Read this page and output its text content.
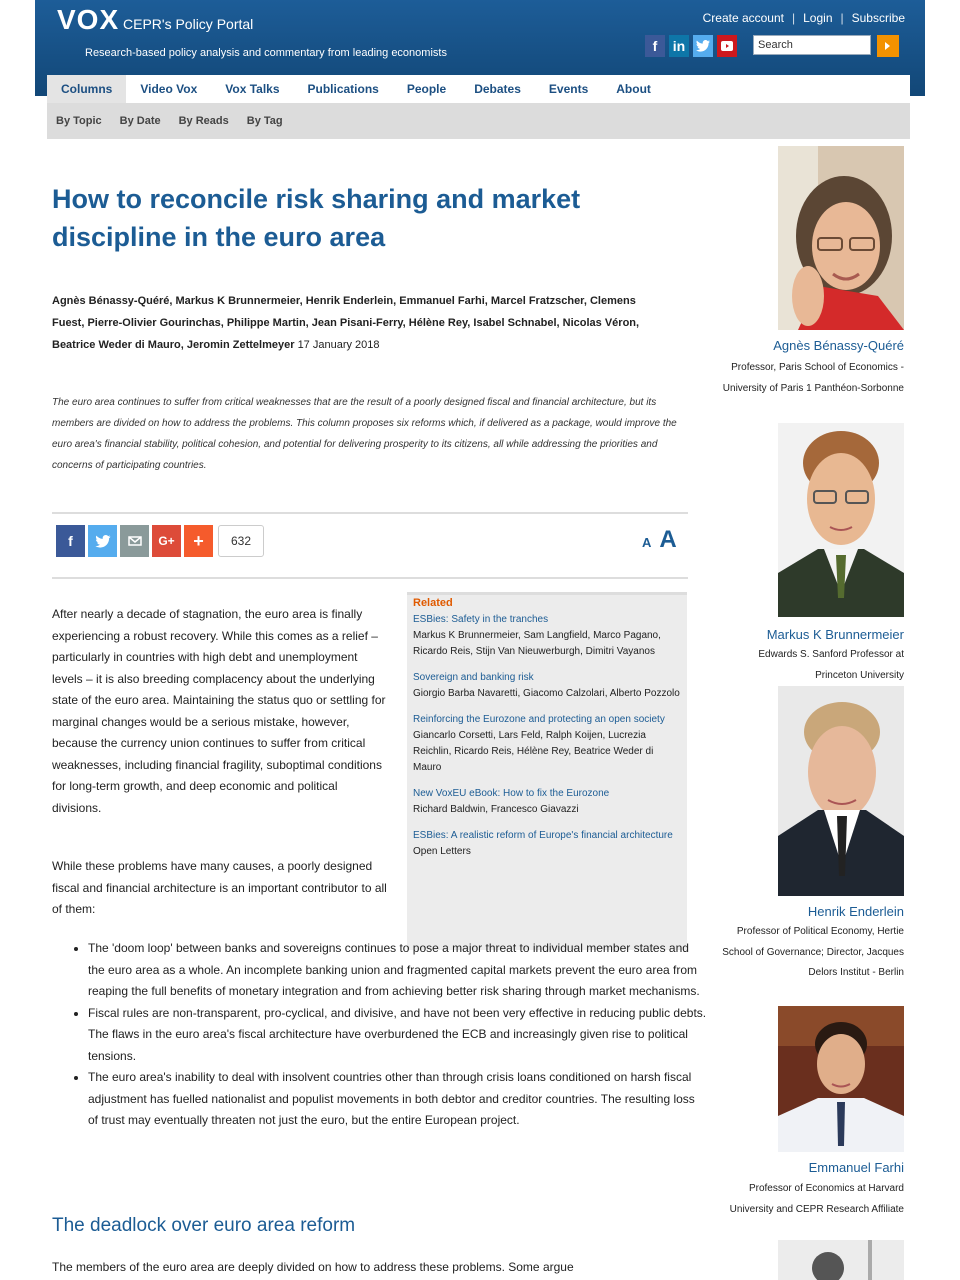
VOX CEPR's Policy Portal
Research-based policy analysis and commentary from leading economists
Create account | Login | Subscribe
f	in	Search
Columns	Video Vox	Vox Talks	Publications	People	Debates	Events	About
By Topic	By Date	By Reads	By Tag
How to reconcile risk sharing and market discipline in the euro area
Agnès Bénassy-Quéré, Markus K Brunnermeier, Henrik Enderlein, Emmanuel Farhi, Marcel Fratzscher, Clemens Fuest, Pierre-Olivier Gourinchas, Philippe Martin, Jean Pisani-Ferry, Hélène Rey, Isabel Schnabel, Nicolas Véron, Beatrice Weder di Mauro, Jeromin Zettelmeyer 17 January 2018
The euro area continues to suffer from critical weaknesses that are the result of a poorly designed fiscal and financial architecture, but its members are divided on how to address the problems. This column proposes six reforms which, if delivered as a package, would improve the euro area's financial stability, political cohesion, and potential for delivering prosperity to its citizens, all while addressing the priorities and concerns of participating countries.
f	G+	+	632	A A
After nearly a decade of stagnation, the euro area is finally experiencing a robust recovery. While this comes as a relief – particularly in countries with high debt and unemployment levels – it is also breeding complacency about the underlying state of the euro area. Maintaining the status quo or settling for marginal changes would be a serious mistake, however, because the currency union continues to suffer from critical weaknesses, including financial fragility, suboptimal conditions for long-term growth, and deep economic and political divisions.
While these problems have many causes, a poorly designed fiscal and financial architecture is an important contributor to all of them:
Related
ESBies: Safety in the tranches
Markus K Brunnermeier, Sam Langfield, Marco Pagano, Ricardo Reis, Stijn Van Nieuwerburgh, Dimitri Vayanos
Sovereign and banking risk
Giorgio Barba Navaretti, Giacomo Calzolari, Alberto Pozzolo
Reinforcing the Eurozone and protecting an open society
Giancarlo Corsetti, Lars Feld, Ralph Koijen, Lucrezia Reichlin, Ricardo Reis, Hélène Rey, Beatrice Weder di Mauro
New VoxEU eBook: How to fix the Eurozone
Richard Baldwin, Francesco Giavazzi
ESBies: A realistic reform of Europe's financial architecture
Open Letters
• The 'doom loop' between banks and sovereigns continues to pose a major threat to individual member states and the euro area as a whole. An incomplete banking union and fragmented capital markets prevent the euro area from reaping the full benefits of monetary integration and from achieving better risk sharing through market mechanisms.
• Fiscal rules are non-transparent, pro-cyclical, and divisive, and have not been very effective in reducing public debts. The flaws in the euro area's fiscal architecture have overburdened the ECB and increasingly given rise to political tensions.
• The euro area's inability to deal with insolvent countries other than through crisis loans conditioned on harsh fiscal adjustment has fuelled nationalist and populist movements in both debtor and creditor countries. The resulting loss of trust may eventually threaten not just the euro, but the entire European project.
The deadlock over euro area reform
The members of the euro area are deeply divided on how to address these problems. Some argue
Agnès Bénassy-Quéré
Professor, Paris School of Economics - University of Paris 1 Panthéon-Sorbonne
Markus K Brunnermeier
Edwards S. Sanford Professor at Princeton University
Henrik Enderlein
Professor of Political Economy, Hertie School of Governance; Director, Jacques Delors Institut - Berlin
Emmanuel Farhi
Professor of Economics at Harvard University and CEPR Research Affiliate
